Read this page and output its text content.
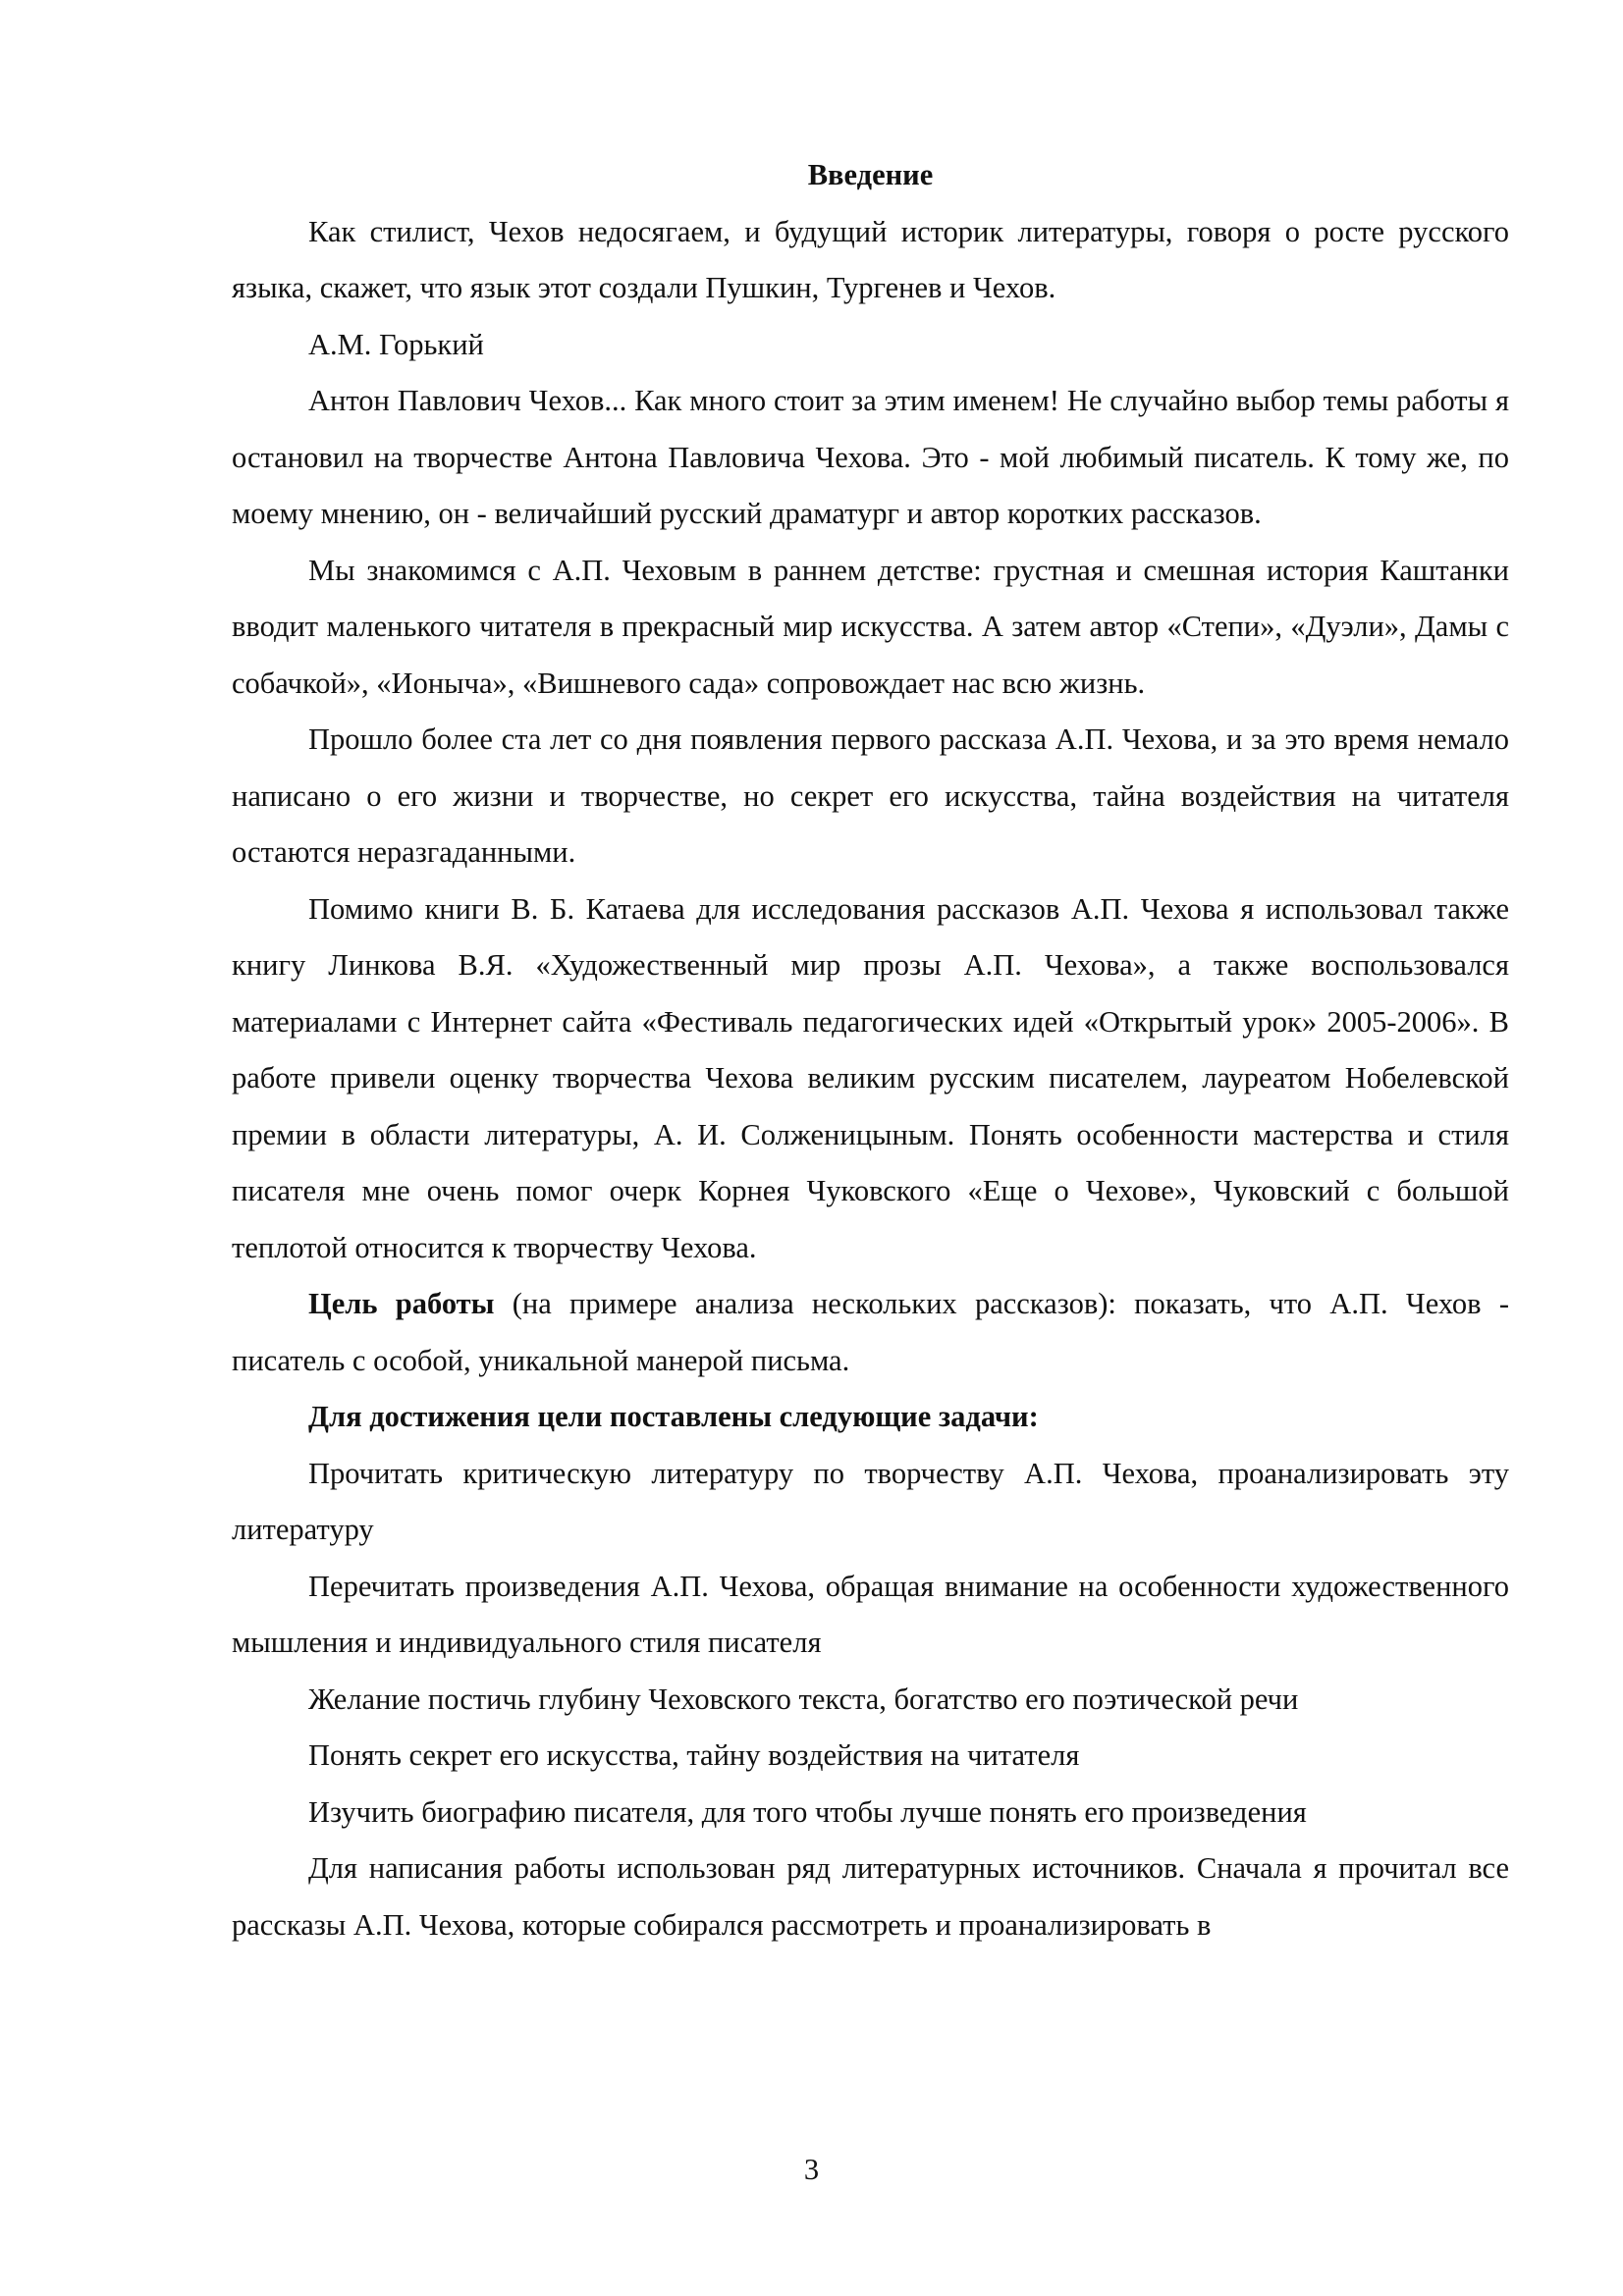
Введение

Как стилист, Чехов недосягаем, и будущий историк литературы, говоря о росте русского языка, скажет, что язык этот создали Пушкин, Тургенев и Чехов.

А.М. Горький

Антон Павлович Чехов... Как много стоит за этим именем! Не случайно выбор темы работы я остановил на творчестве Антона Павловича Чехова. Это - мой любимый писатель. К тому же, по моему мнению, он - величайший русский драматург и автор коротких рассказов.

Мы знакомимся с А.П. Чеховым в раннем детстве: грустная и смешная история Каштанки вводит маленького читателя в прекрасный мир искусства. А затем автор «Степи», «Дуэли», Дамы с собачкой», «Ионыча», «Вишневого сада» сопровождает нас всю жизнь.

Прошло более ста лет со дня появления первого рассказа А.П. Чехова, и за это время немало написано о его жизни и творчестве, но секрет его искусства, тайна воздействия на читателя остаются неразгаданными.

Помимо книги В. Б. Катаева для исследования рассказов А.П. Чехова я использовал также книгу Линкова В.Я. «Художественный мир прозы А.П. Чехова», а также воспользовался материалами с Интернет сайта «Фестиваль педагогических идей «Открытый урок» 2005-2006». В работе привели оценку творчества Чехова великим русским писателем, лауреатом Нобелевской премии в области литературы, А. И. Солженицыным. Понять особенности мастерства и стиля писателя мне очень помог очерк Корнея Чуковского «Еще о Чехове», Чуковский с большой теплотой относится к творчеству Чехова.

Цель работы (на примере анализа нескольких рассказов): показать, что А.П. Чехов - писатель с особой, уникальной манерой письма.

Для достижения цели поставлены следующие задачи:

Прочитать критическую литературу по творчеству А.П. Чехова, проанализировать эту литературу

Перечитать произведения А.П. Чехова, обращая внимание на особенности художественного мышления и индивидуального стиля писателя

Желание постичь глубину Чеховского текста, богатство его поэтической речи

Понять секрет его искусства, тайну воздействия на читателя

Изучить биографию писателя, для того чтобы лучше понять его произведения

Для написания работы использован ряд литературных источников. Сначала я прочитал все рассказы А.П. Чехова, которые собирался рассмотреть и проанализировать в

3
